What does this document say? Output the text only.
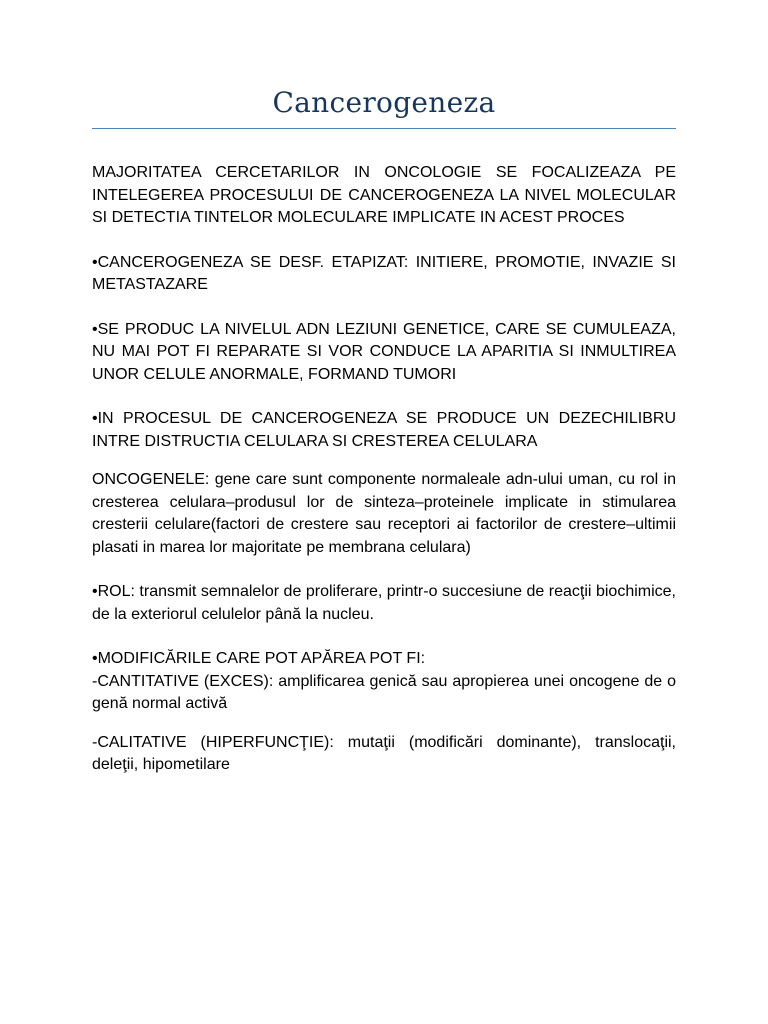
Cancerogeneza

MAJORITATEA CERCETARILOR IN ONCOLOGIE SE FOCALIZEAZA PE INTELEGEREA PROCESULUI DE CANCEROGENEZA LA NIVEL MOLECULAR SI DETECTIA TINTELOR MOLECULARE IMPLICATE IN ACEST PROCES

•CANCEROGENEZA SE DESF. ETAPIZAT: INITIERE, PROMOTIE, INVAZIE SI METASTAZARE

•SE PRODUC LA NIVELUL ADN LEZIUNI GENETICE, CARE SE CUMULEAZA, NU MAI POT FI REPARATE SI VOR CONDUCE LA APARITIA SI INMULTIREA UNOR CELULE ANORMALE, FORMAND TUMORI

•IN PROCESUL DE CANCEROGENEZA SE PRODUCE UN DEZECHILIBRU INTRE DISTRUCTIA CELULARA SI CRESTEREA CELULARA

ONCOGENELE: gene care sunt componente normaleale adn-ului uman, cu rol in cresterea celulara–produsul lor de sinteza–proteinele implicate in stimularea cresterii celulare(factori de crestere sau receptori ai factorilor de crestere–ultimii plasati in marea lor majoritate pe membrana celulara)

•ROL: transmit semnalelor de proliferare, printr-o succesiune de reacţii biochimice, de la exteriorul celulelor până la nucleu.

•MODIFICĂRILE CARE POT APĂREA POT FI:

-CANTITATIVE (EXCES): amplificarea genică sau apropierea unei oncogene de o genă normal activă

-CALITATIVE (HIPERFUNCŢIE): mutaţii (modificări dominante), translocaţii, deleţii, hipometilare
